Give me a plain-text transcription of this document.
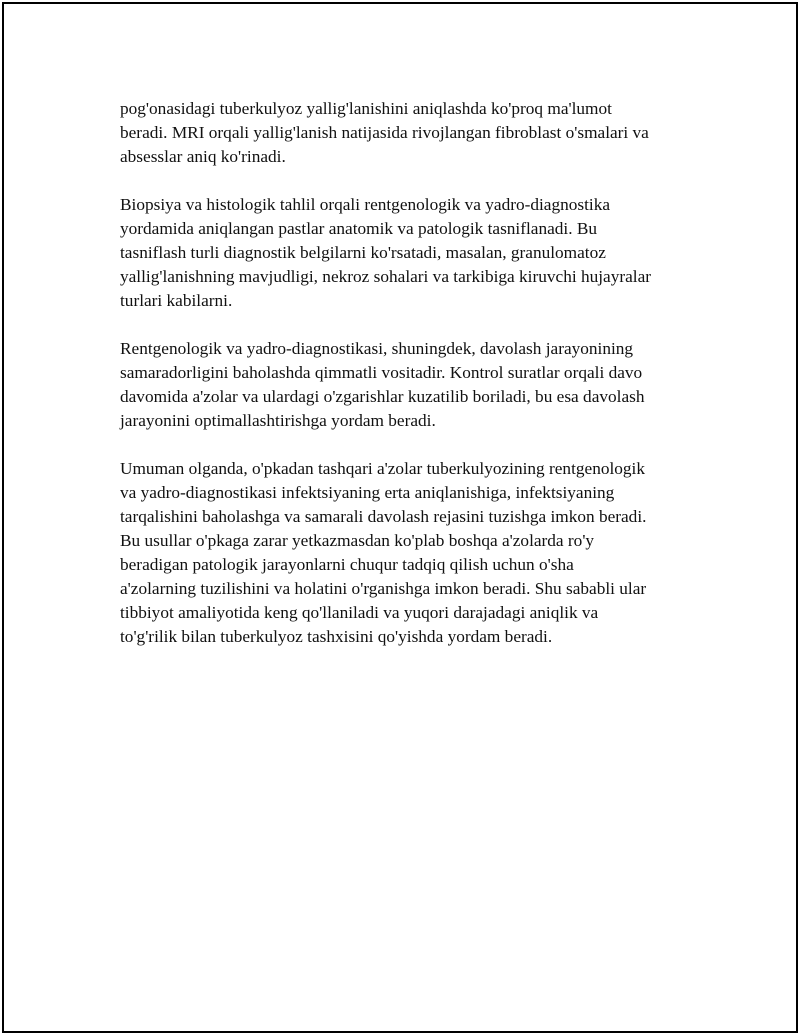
pog'onasidagi tuberkulyoz yallig'lanishini aniqlashda ko'proq ma'lumot
beradi. MRI orqali yallig'lanish natijasida rivojlangan fibroblast o'smalari va
absesslar aniq ko'rinadi.

Biopsiya va histologik tahlil orqali rentgenologik va yadro-diagnostika
yordamida aniqlangan pastlar anatomik va patologik tasniflanadi. Bu
tasniflash turli diagnostik belgilarni ko'rsatadi, masalan, granulomatoz
yallig'lanishning mavjudligi, nekroz sohalari va tarkibiga kiruvchi hujayralar
turlari kabilarni.

Rentgenologik va yadro-diagnostikasi, shuningdek, davolash jarayonining
samaradorligini baholashda qimmatli vositadir. Kontrol suratlar orqali davo
davomida a'zolar va ulardagi o'zgarishlar kuzatilib boriladi, bu esa davolash
jarayonini optimallashtirishga yordam beradi.

Umuman olganda, o'pkadan tashqari a'zolar tuberkulyozining rentgenologik
va yadro-diagnostikasi infektsiyaning erta aniqlanishiga, infektsiyaning
tarqalishini baholashga va samarali davolash rejasini tuzishga imkon beradi.
Bu usullar o'pkaga zarar yetkazmasdan ko'plab boshqa a'zolarda ro'y
beradigan patologik jarayonlarni chuqur tadqiq qilish uchun o'sha
a'zolarning tuzilishini va holatini o'rganishga imkon beradi. Shu sababli ular
tibbiyot amaliyotida keng qo'llaniladi va yuqori darajadagi aniqlik va
to'g'rilik bilan tuberkulyoz tashxisini qo'yishda yordam beradi.
